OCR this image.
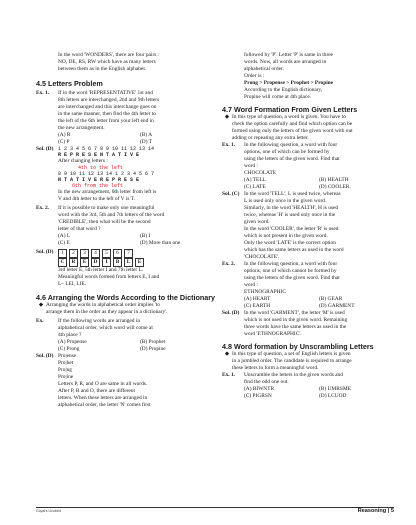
In the word 'WONDERS', there are four pairs :

NO, DE, RS, RW which have as many letters

between them as in the English alphabet.

4.5 Letters Problem

Ex. 1.	If in the word 'REPRESENTATIVE' 1st and

8th letters are interchanged, 2nd and 9th letters

are interchanged and this interchange goes on

in the same manner, then find the 4th letter to

the left of the 6th letter from your left end in

the new arrangement.

(A) R	(B) A
(C) P	(D) T
Sol. (D) 1 2 3 4 5 6 7 8 9 10 11 12 13 14
R E P R E S E N T A T I V E

After changing letters :

4th to the left
8 9 10 11 12 13 14 1 2 3 4 5 6 7
N T A T I V E R E P R E S E
6th from the left

In the new arrangement, 6th letter from left is

V and 4th letter to the left of V is T.

Ex. 2.	If it is possible to make only one meaningful

word with the 3rd, 5th and 7th letters of the word

'CREDIBLE', then what will be the second

letter of that word ?

(A) L	(B) I
(C) E	(D) More than one
Sol. (D)	1	2	3	4	5	6	7
C	R	E	D	I	B	L	E

3rd letter E, 5th letter I and 7th letter L.

Meaningful words formed from letters E, I and

L– LEI, LIE.

4.6 Arranging the Words According to the Dictionary

◆ Arranging the words in alphabetical order implies 'to

arrange them in the order as they appear in a dictionary'.

Ex.	If the following words are arranged in

alphabetical order, which word will come at

4th place ?

(A) Propense	(B) Prophet
(C) Prong	(D) Propine
Sol. (D) Pro|ense

Pro|het

Pro|ng

Pro|ine

Letters P, R, and O are same in all words.

After P, R and O, there are different

letters. When these letters are arranged in

alphabetical order, the letter 'N' comes first

followed by 'P'. Letter 'P' is same in three

words. Now, all words are arranged in

alphabetical order.

Order is :

Prong > Propense > Prophet > Propine

According to the English dictionary,

Propine will come at 4th place.

4.7 Word Formation From Given Letters

◆ In this type of question, a word is given. You have to

check the option carefully and find which option can be

formed using only the letters of the given word with out

adding or repeating any extra letter.

Ex. 1.	In the following question, a word with four

options, one of which can be formed by

using the letters of the given word. Find that

word :

CHOCOLATE

(A) TELL	(B) HEALTH
(C) LATE	(D) COOLER.
Sol. (C) In the word 'TELL', L is used twice, whereas

L is used only once in the given word.

Similarly, in the word 'HEALTH', H is used

twice, whereas 'H' is used only once in the

given word.

In the word 'COOLER', the letter 'R' is used

which is not present in the given word.

Only the word 'LATE' is the correct option

which has the same letters as used in the word

'CHOCOLATE'.

Ex. 2.	In the following question, a word with four

options, one of which cannot be formed by

using the letters of the given word. Find that

word :

ETHNOGRAPHIC

(A) HEART	(B) GEAR
(C) EARTH	(D) GARMENT
Sol. (D) In the word 'GARMENT', the letter 'M' is used

which is not used in the given word. Remaining

three words have the same letters as used in the

word 'ETHNOGRAPHIC'.

4.8 Word formation by Unscrambling Letters

◆ In this type of question, a set of English letters is given

in a jumbled order. The candidate is required to arrange

these letters to form a meaningful word.

Ex. 1.	Unscramble the letters in the given words and

find the odd one out.

(A) BIWNTR	(B) UMRSME
(C) PIGRSN	(D) LCUOD
Goyal's Ucubimi	Reasoning | 5
